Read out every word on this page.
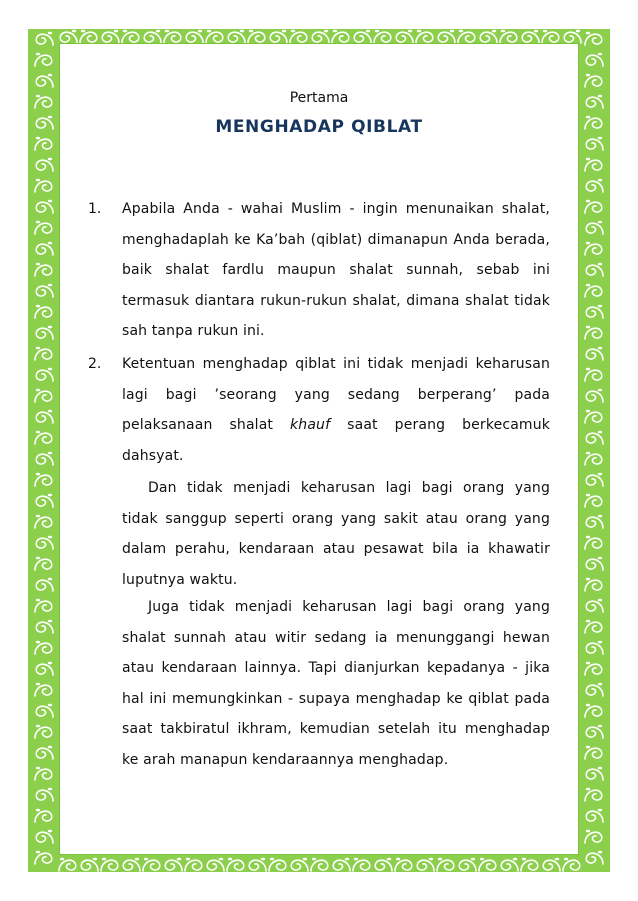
Pertama
MENGHADAP QIBLAT
1. Apabila Anda - wahai Muslim - ingin menunaikan shalat, menghadaplah ke Ka’bah (qiblat) dimanapun Anda berada, baik shalat fardlu maupun shalat sunnah, sebab ini termasuk diantara rukun-rukun shalat, dimana shalat tidak sah tanpa rukun ini.
2. Ketentuan menghadap qiblat ini tidak menjadi keharusan lagi bagi ’seorang yang sedang berperang’ pada pelaksanaan shalat khauf saat perang berkecamuk dahsyat.
Dan tidak menjadi keharusan lagi bagi orang yang tidak sanggup seperti orang yang sakit atau orang yang dalam perahu, kendaraan atau pesawat bila ia khawatir luputnya waktu.
Juga tidak menjadi keharusan lagi bagi orang yang shalat sunnah atau witir sedang ia menunggangi hewan atau kendaraan lainnya. Tapi dianjurkan kepadanya - jika hal ini memungkinkan - supaya menghadap ke qiblat pada saat takbiratul ikhram, kemudian setelah itu menghadap ke arah manapun kendaraannya menghadap.
